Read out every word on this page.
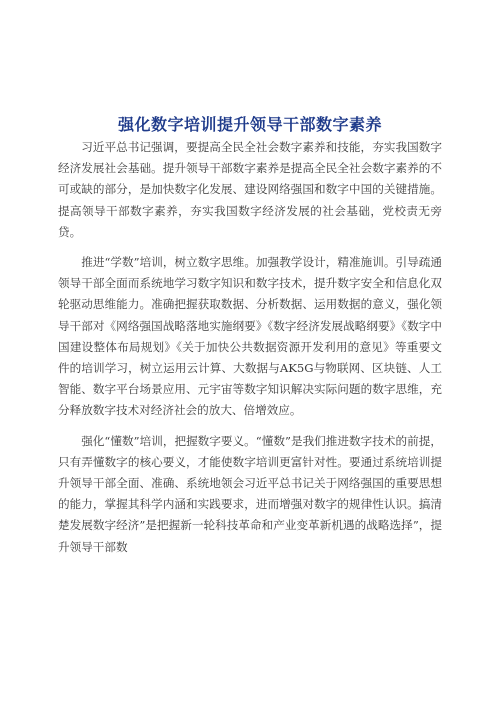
强化数字培训提升领导干部数字素养

习近平总书记强调，要提高全民全社会数字素养和技能，夯实我国数字经济发展社会基础。提升领导干部数字素养是提高全民全社会数字素养的不可或缺的部分，是加快数字化发展、建设网络强国和数字中国的关键措施。提高领导干部数字素养，夯实我国数字经济发展的社会基础，党校责无旁贷。

推进“学数”培训，树立数字思维。加强教学设计，精准施训。引导疏通领导干部全面而系统地学习数字知识和数字技术，提升数字安全和信息化双轮驱动思维能力。准确把握获取数据、分析数据、运用数据的意义，强化领导干部对《网络强国战略落地实施纲要》《数字经济发展战略纲要》《数字中国建设整体布局规划》《关于加快公共数据资源开发利用的意见》等重要文件的培训学习，树立运用云计算、大数据与AK5G与物联网、区块链、人工智能、数字平台场景应用、元宇宙等数字知识解决实际问题的数字思维，充分释放数字技术对经济社会的放大、倍增效应。

强化“懂数”培训，把握数字要义。“懂数”是我们推进数字技术的前提，只有弄懂数字的核心要义，才能使数字培训更富针对性。要通过系统培训提升领导干部全面、准确、系统地领会习近平总书记关于网络强国的重要思想的能力，掌握其科学内涵和实践要求，进而增强对数字的规律性认识。搞清楚发展数字经济”是把握新一轮科技革命和产业变革新机遇的战略选择”，提升领导干部数
